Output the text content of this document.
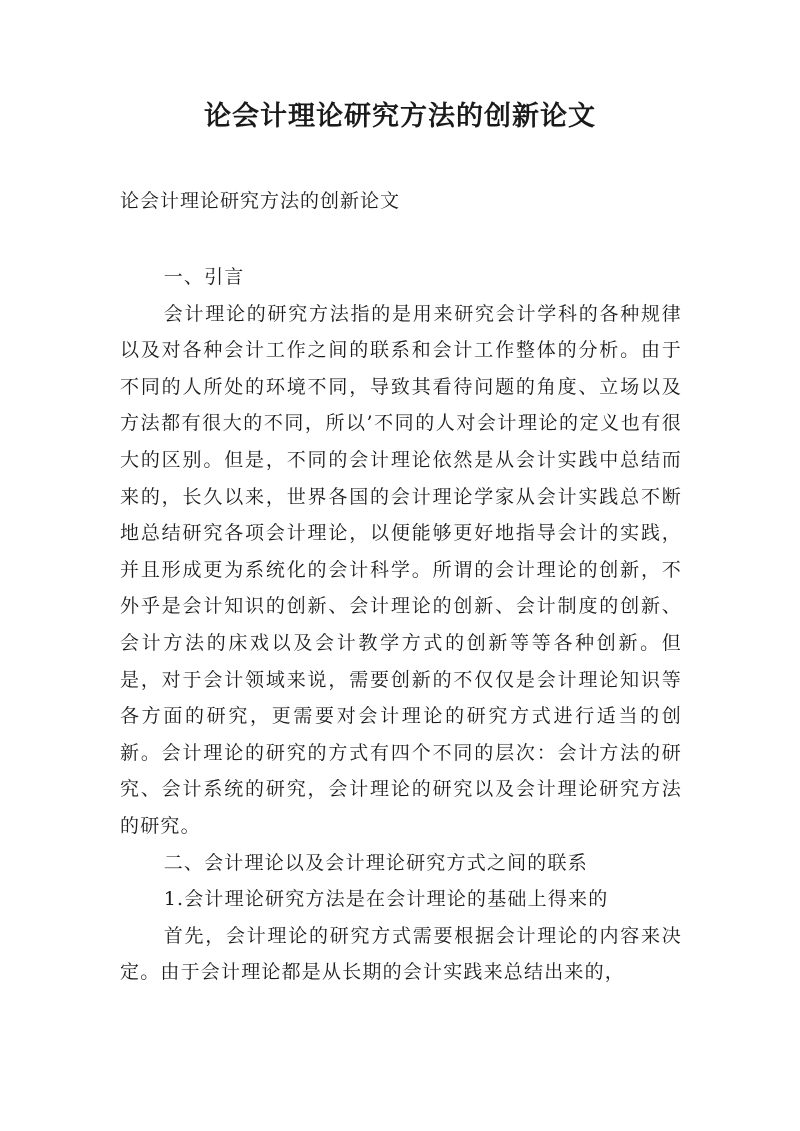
论会计理论研究方法的创新论文
论会计理论研究方法的创新论文

一、引言

会计理论的研究方法指的是用来研究会计学科的各种规律以及对各种会计工作之间的联系和会计工作整体的分析。由于不同的人所处的环境不同，导致其看待问题的角度、立场以及方法都有很大的不同，所以’不同的人对会计理论的定义也有很大的区别。但是，不同的会计理论依然是从会计实践中总结而来的，长久以来，世界各国的会计理论学家从会计实践总不断地总结研究各项会计理论，以便能够更好地指导会计的实践，并且形成更为系统化的会计科学。所谓的会计理论的创新，不外乎是会计知识的创新、会计理论的创新、会计制度的创新、会计方法的床戏以及会计教学方式的创新等等各种创新。但是，对于会计领域来说，需要创新的不仅仅是会计理论知识等各方面的研究，更需要对会计理论的研究方式进行适当的创新。会计理论的研究的方式有四个不同的层次：会计方法的研究、会计系统的研究，会计理论的研究以及会计理论研究方法的研究。

二、会计理论以及会计理论研究方式之间的联系

1.会计理论研究方法是在会计理论的基础上得来的

首先，会计理论的研究方式需要根据会计理论的内容来决定。由于会计理论都是从长期的会计实践来总结出来的，
